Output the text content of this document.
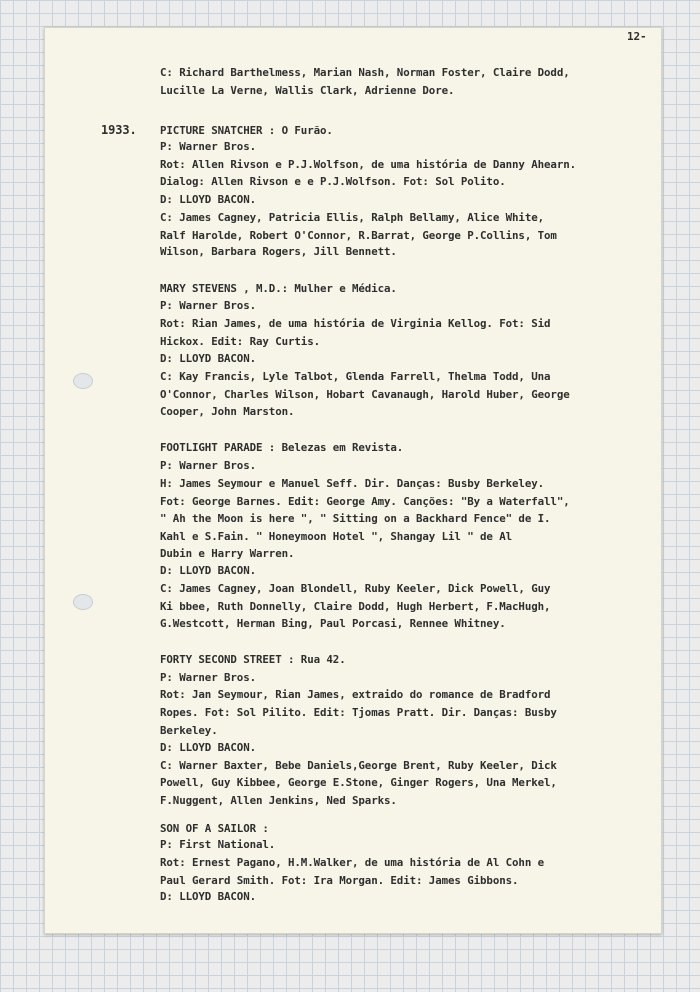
12-
1933.
C: Richard Barthelmess, Marian Nash, Norman Foster, Claire Dodd,
Lucille La Verne, Wallis Clark, Adrienne Dore.
PICTURE SNATCHER : O Furão.
P: Warner Bros.
Rot: Allen Rivson e P.J.Wolfson, de uma história de Danny Ahearn.
Dialog: Allen Rivson e e P.J.Wolfson. Fot: Sol Polito.
D: LLOYD BACON.
C: James Cagney, Patricia Ellis, Ralph Bellamy, Alice White,
Ralf Harolde, Robert O'Connor, R.Barrat, George P.Collins, Tom
Wilson, Barbara Rogers, Jill Bennett.
MARY STEVENS , M.D.: Mulher e Médica.
P: Warner Bros.
Rot: Rian James, de uma história de Virginia Kellog. Fot: Sid
Hickox. Edit: Ray Curtis.
D: LLOYD BACON.
C: Kay Francis, Lyle Talbot, Glenda Farrell, Thelma Todd, Una
O'Connor, Charles Wilson, Hobart Cavanaugh, Harold Huber, George
Cooper, John Marston.
FOOTLIGHT PARADE : Belezas em Revista.
P: Warner Bros.
H: James Seymour e Manuel Seff. Dir. Danças: Busby Berkeley.
Fot: George Barnes. Edit: George Amy. Canções: "By a Waterfall",
" Ah the Moon is here ", " Sitting on a Backhard Fence" de I.
Kahl e S.Fain. " Honeymoon Hotel ", Shangay Lil " de Al
Dubin e Harry Warren.
D: LLOYD BACON.
C: James Cagney, Joan Blondell, Ruby Keeler, Dick Powell, Guy
Ki bbee, Ruth Donnelly, Claire Dodd, Hugh Herbert, F.MacHugh,
G.Westcott, Herman Bing, Paul Porcasi, Rennee Whitney.
FORTY SECOND STREET : Rua 42.
P: Warner Bros.
Rot: Jan Seymour, Rian James, extraido do romance de Bradford
Ropes. Fot: Sol Pilito. Edit: Tjomas Pratt. Dir. Danças: Busby
Berkeley.
D: LLOYD BACON.
C: Warner Baxter, Bebe Daniels,George Brent, Ruby Keeler, Dick
Powell, Guy Kibbee, George E.Stone, Ginger Rogers, Una Merkel,
F.Nuggent, Allen Jenkins, Ned Sparks.
SON OF A SAILOR :
P: First National.
Rot: Ernest Pagano, H.M.Walker, de uma história de Al Cohn e
Paul Gerard Smith. Fot: Ira Morgan. Edit: James Gibbons.
D: LLOYD BACON.
